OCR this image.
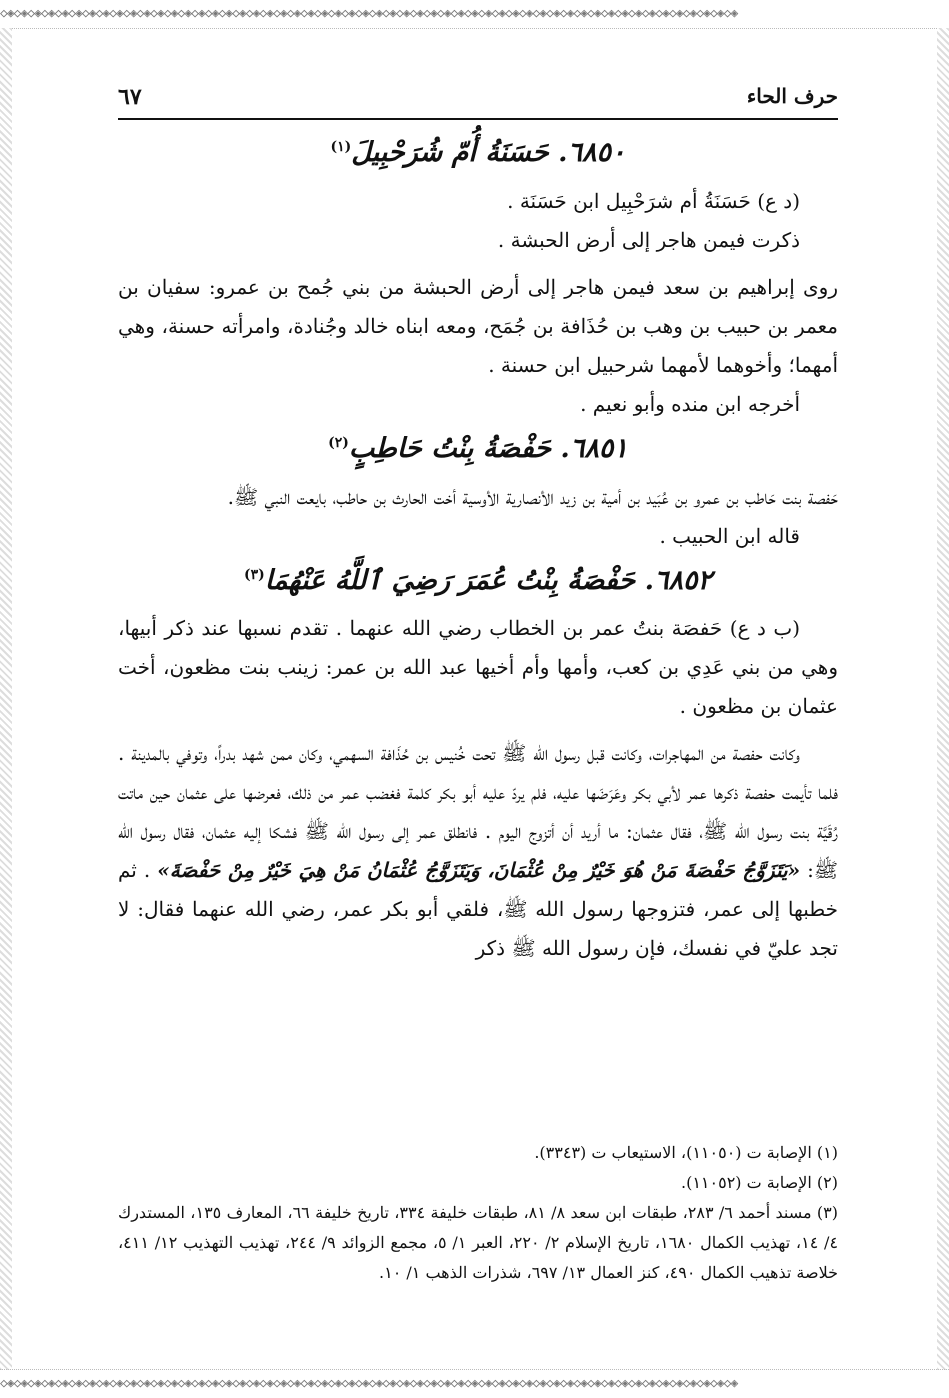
◇◈◇◈◇◈◇◈◇◈◇◈◇◈◇◈◇◈◇◈◇◈◇◈◇◈◇◈◇◈◇◈◇◈◇◈◇◈◇◈◇◈◇◈◇◈◇◈◇◈◇◈◇◈◇◈◇◈◇◈◇◈◇◈◇◈◇◈◇◈◇◈◇◈◇◈◇◈◇◈◇◈◇◈◇◈◇◈◇◈◇◈◇◈◇◈◇◈◇◈◇◈◇◈◇◈◇◈
◇◈◇◈◇◈◇◈◇◈◇◈◇◈◇◈◇◈◇◈◇◈◇◈◇◈◇◈◇◈◇◈◇◈◇◈◇◈◇◈◇◈◇◈◇◈◇◈◇◈◇◈◇◈◇◈◇◈◇◈◇◈◇◈◇◈◇◈◇◈◇◈◇◈◇◈◇◈◇◈◇◈◇◈◇◈◇◈◇◈◇◈◇◈◇◈◇◈◇◈◇◈◇◈◇◈◇◈
٦٧	حرف الحاء
٦٨٥٠. حَسَنَةُ أُمّ شُرَحْبِيلَ$^{(١)}$

(د ع) حَسَنَةُ أم شرَحْبِيل ابن حَسَنَة .

ذكرت فيمن هاجر إلى أرض الحبشة .

روى إبراهيم بن سعد فيمن هاجر إلى أرض الحبشة من بني جُمح بن عمرو: سفيان بن معمر بن حبيب بن وهب بن حُذَافة بن جُمَح، ومعه ابناه خالد وجُنادة، وامرأته حسنة، وهي أمهما؛ وأخوهما لأمهما شرحبيل ابن حسنة .

أخرجه ابن منده وأبو نعيم .

٦٨٥١. حَفْصَةُ بِنْتُ حَاطِبٍ$^{(٢)}$

حَفصة بنت حَاطب بن عمرو بن عُبَيد بن أمية بن زيد الأنصارية الأوسية أخت الحارث بن حاطب، بايعت النبي ﷺ.

قاله ابن الحبيب .

٦٨٥٢. حَفْصَةُ بِنْتُ عُمَرَ رَضِيَ ٱللَّهُ عَنْهُمَا$^{(٣)}$

(ب د ع) حَفصَة بنتُ عمر بن الخطاب رضي الله عنهما . تقدم نسبها عند ذكر أبيها، وهي من بني عَدِي بن كعب، وأمها وأم أخيها عبد الله بن عمر: زينب بنت مظعون، أخت عثمان بن مظعون .

وكانت حفصة من المهاجرات، وكانت قبل رسول الله ﷺ تحت خُنيس بن حُذَافة السهمي، وكان ممن شهد بدراً، وتوفي بالمدينة . فلما تأيمت حفصة ذكرها عمر لأبي بكر وعَرَضَها عليه، فلم يردّ عليه أبو بكر كلمة فغضب عمر من ذلك، فعرضها على عثمان حين ماتت رُقَيَّة بنت رسول الله ﷺ، فقال عثمان: ما أريد أن أتزوج اليوم . فانطلق عمر إلى رسول الله ﷺ فشكا إليه عثمان، فقال رسول الله ﷺ: «يَتَزَوَّجُ حَفْصَةَ مَنْ هُوَ خَيْرٌ مِنْ عُثْمَانَ، وَيَتَزَوَّجُ عُثْمَانُ مَنْ هِيَ خَيْرٌ مِنْ حَفْصَةَ» . ثم خطبها إلى عمر، فتزوجها رسول الله ﷺ، فلقي أبو بكر عمر، رضي الله عنهما فقال: لا تجد عليّ في نفسك، فإن رسول الله ﷺ ذكر

(١) الإصابة ت (١١٠٥٠)، الاستيعاب ت (٣٣٤٣).
(٢) الإصابة ت (١١٠٥٢).
(٣) مسند أحمد ٦/ ٢٨٣، طبقات ابن سعد ٨/ ٨١، طبقات خليفة ٣٣٤، تاريخ خليفة ٦٦، المعارف ١٣٥، المستدرك ٤/ ١٤، تهذيب الكمال ١٦٨٠، تاريخ الإسلام ٢/ ٢٢٠، العبر ١/ ٥، مجمع الزوائد ٩/ ٢٤٤، تهذيب التهذيب ١٢/ ٤١١، خلاصة تذهيب الكمال ٤٩٠، كنز العمال ١٣/ ٦٩٧، شذرات الذهب ١/ ١٠.
